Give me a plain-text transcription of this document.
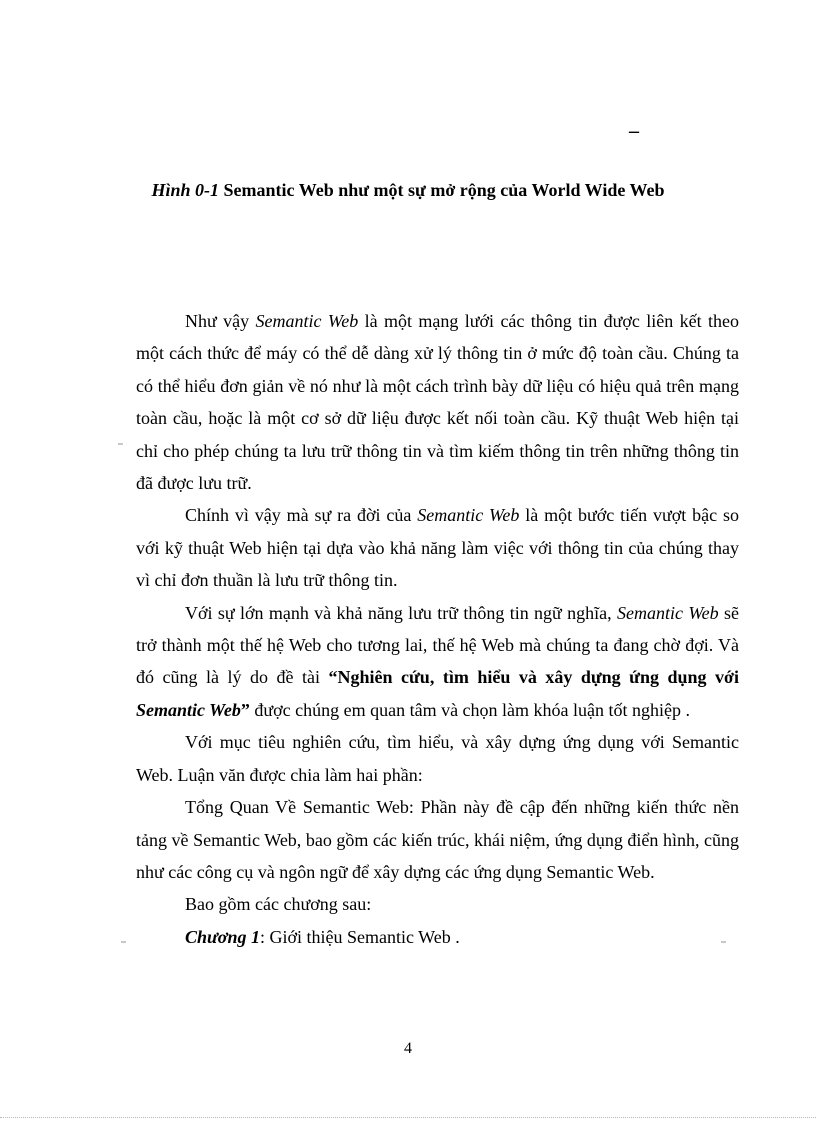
–
Hình 0-1 Semantic Web như một sự mở rộng của World Wide Web

Như vậy Semantic Web là một mạng lưới các thông tin được liên kết theo một cách thức để máy có thể dễ dàng xử lý thông tin ở mức độ toàn cầu. Chúng ta có thể hiểu đơn giản về nó như là một cách trình bày dữ liệu có hiệu quả trên mạng toàn cầu, hoặc là một cơ sở dữ liệu được kết nối toàn cầu. Kỹ thuật Web hiện tại chỉ cho phép chúng ta lưu trữ thông tin và tìm kiếm thông tin trên những thông tin đã được lưu trữ.

Chính vì vậy mà sự ra đời của Semantic Web là một bước tiến vượt bậc so với kỹ thuật Web hiện tại dựa vào khả năng làm việc với thông tin của chúng thay vì chỉ đơn thuần là lưu trữ thông tin.

Với sự lớn mạnh và khả năng lưu trữ thông tin ngữ nghĩa, Semantic Web sẽ trở thành một thế hệ Web cho tương lai, thế hệ Web mà chúng ta đang chờ đợi. Và đó cũng là lý do đề tài “Nghiên cứu, tìm hiểu và xây dựng ứng dụng với Semantic Web” được chúng em quan tâm và chọn làm khóa luận tốt nghiệp .

Với mục tiêu nghiên cứu, tìm hiểu, và xây dựng ứng dụng với Semantic Web. Luận văn được chia làm hai phần:

Tổng Quan Về Semantic Web: Phần này đề cập đến những kiến thức nền tảng về Semantic Web, bao gồm các kiến trúc, khái niệm, ứng dụng điển hình, cũng như các công cụ và ngôn ngữ để xây dựng các ứng dụng Semantic Web.

Bao gồm các chương sau:

Chương 1: Giới thiệu Semantic Web .

4
